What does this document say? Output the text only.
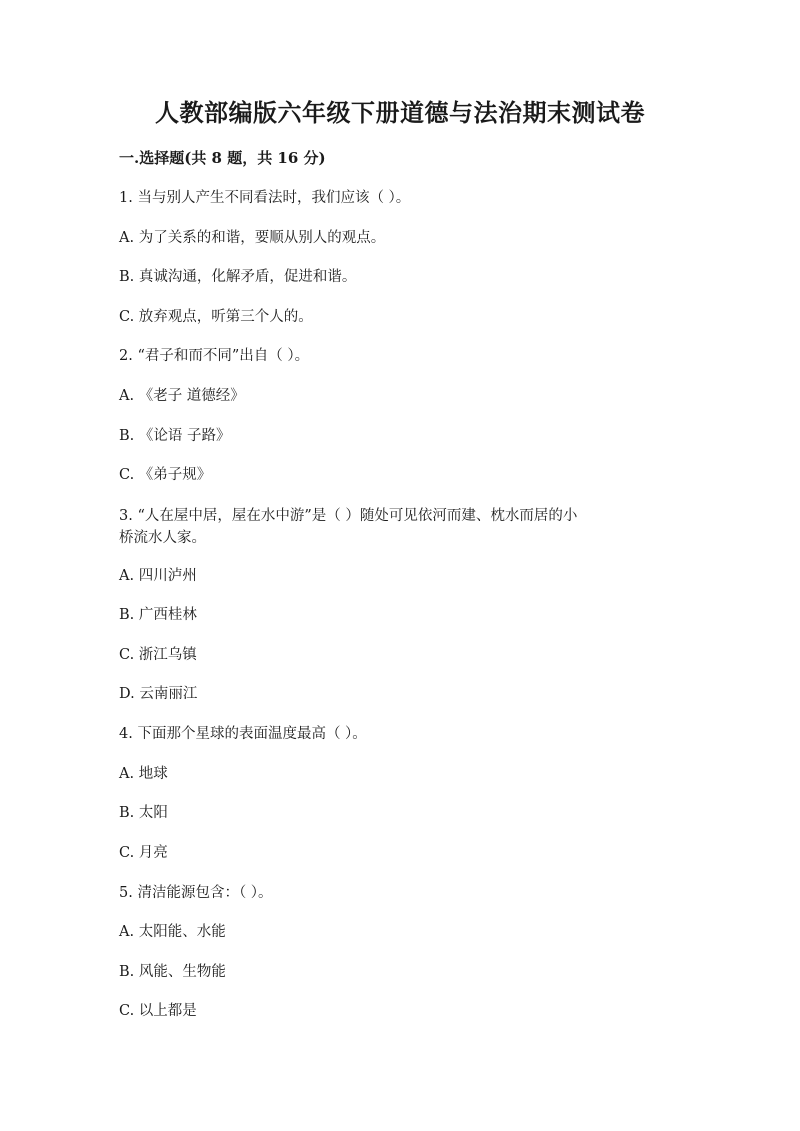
人教部编版六年级下册道德与法治期末测试卷
一.选择题(共 8 题，共 16 分)

1. 当与别人产生不同看法时，我们应该（ ）。

A. 为了关系的和谐，要顺从别人的观点。

B. 真诚沟通，化解矛盾，促进和谐。

C. 放弃观点，听第三个人的。

2. “君子和而不同”出自（ ）。

A. 《老子 道德经》

B. 《论语 子路》

C. 《弟子规》

3. “人在屋中居，屋在水中游”是（ ）随处可见依河而建、枕水而居的小

桥流水人家。

A. 四川泸州

B. 广西桂林

C. 浙江乌镇

D. 云南丽江

4. 下面那个星球的表面温度最高（ ）。

A. 地球

B. 太阳

C. 月亮

5. 清洁能源包含：（ ）。

A. 太阳能、水能

B. 风能、生物能

C. 以上都是
